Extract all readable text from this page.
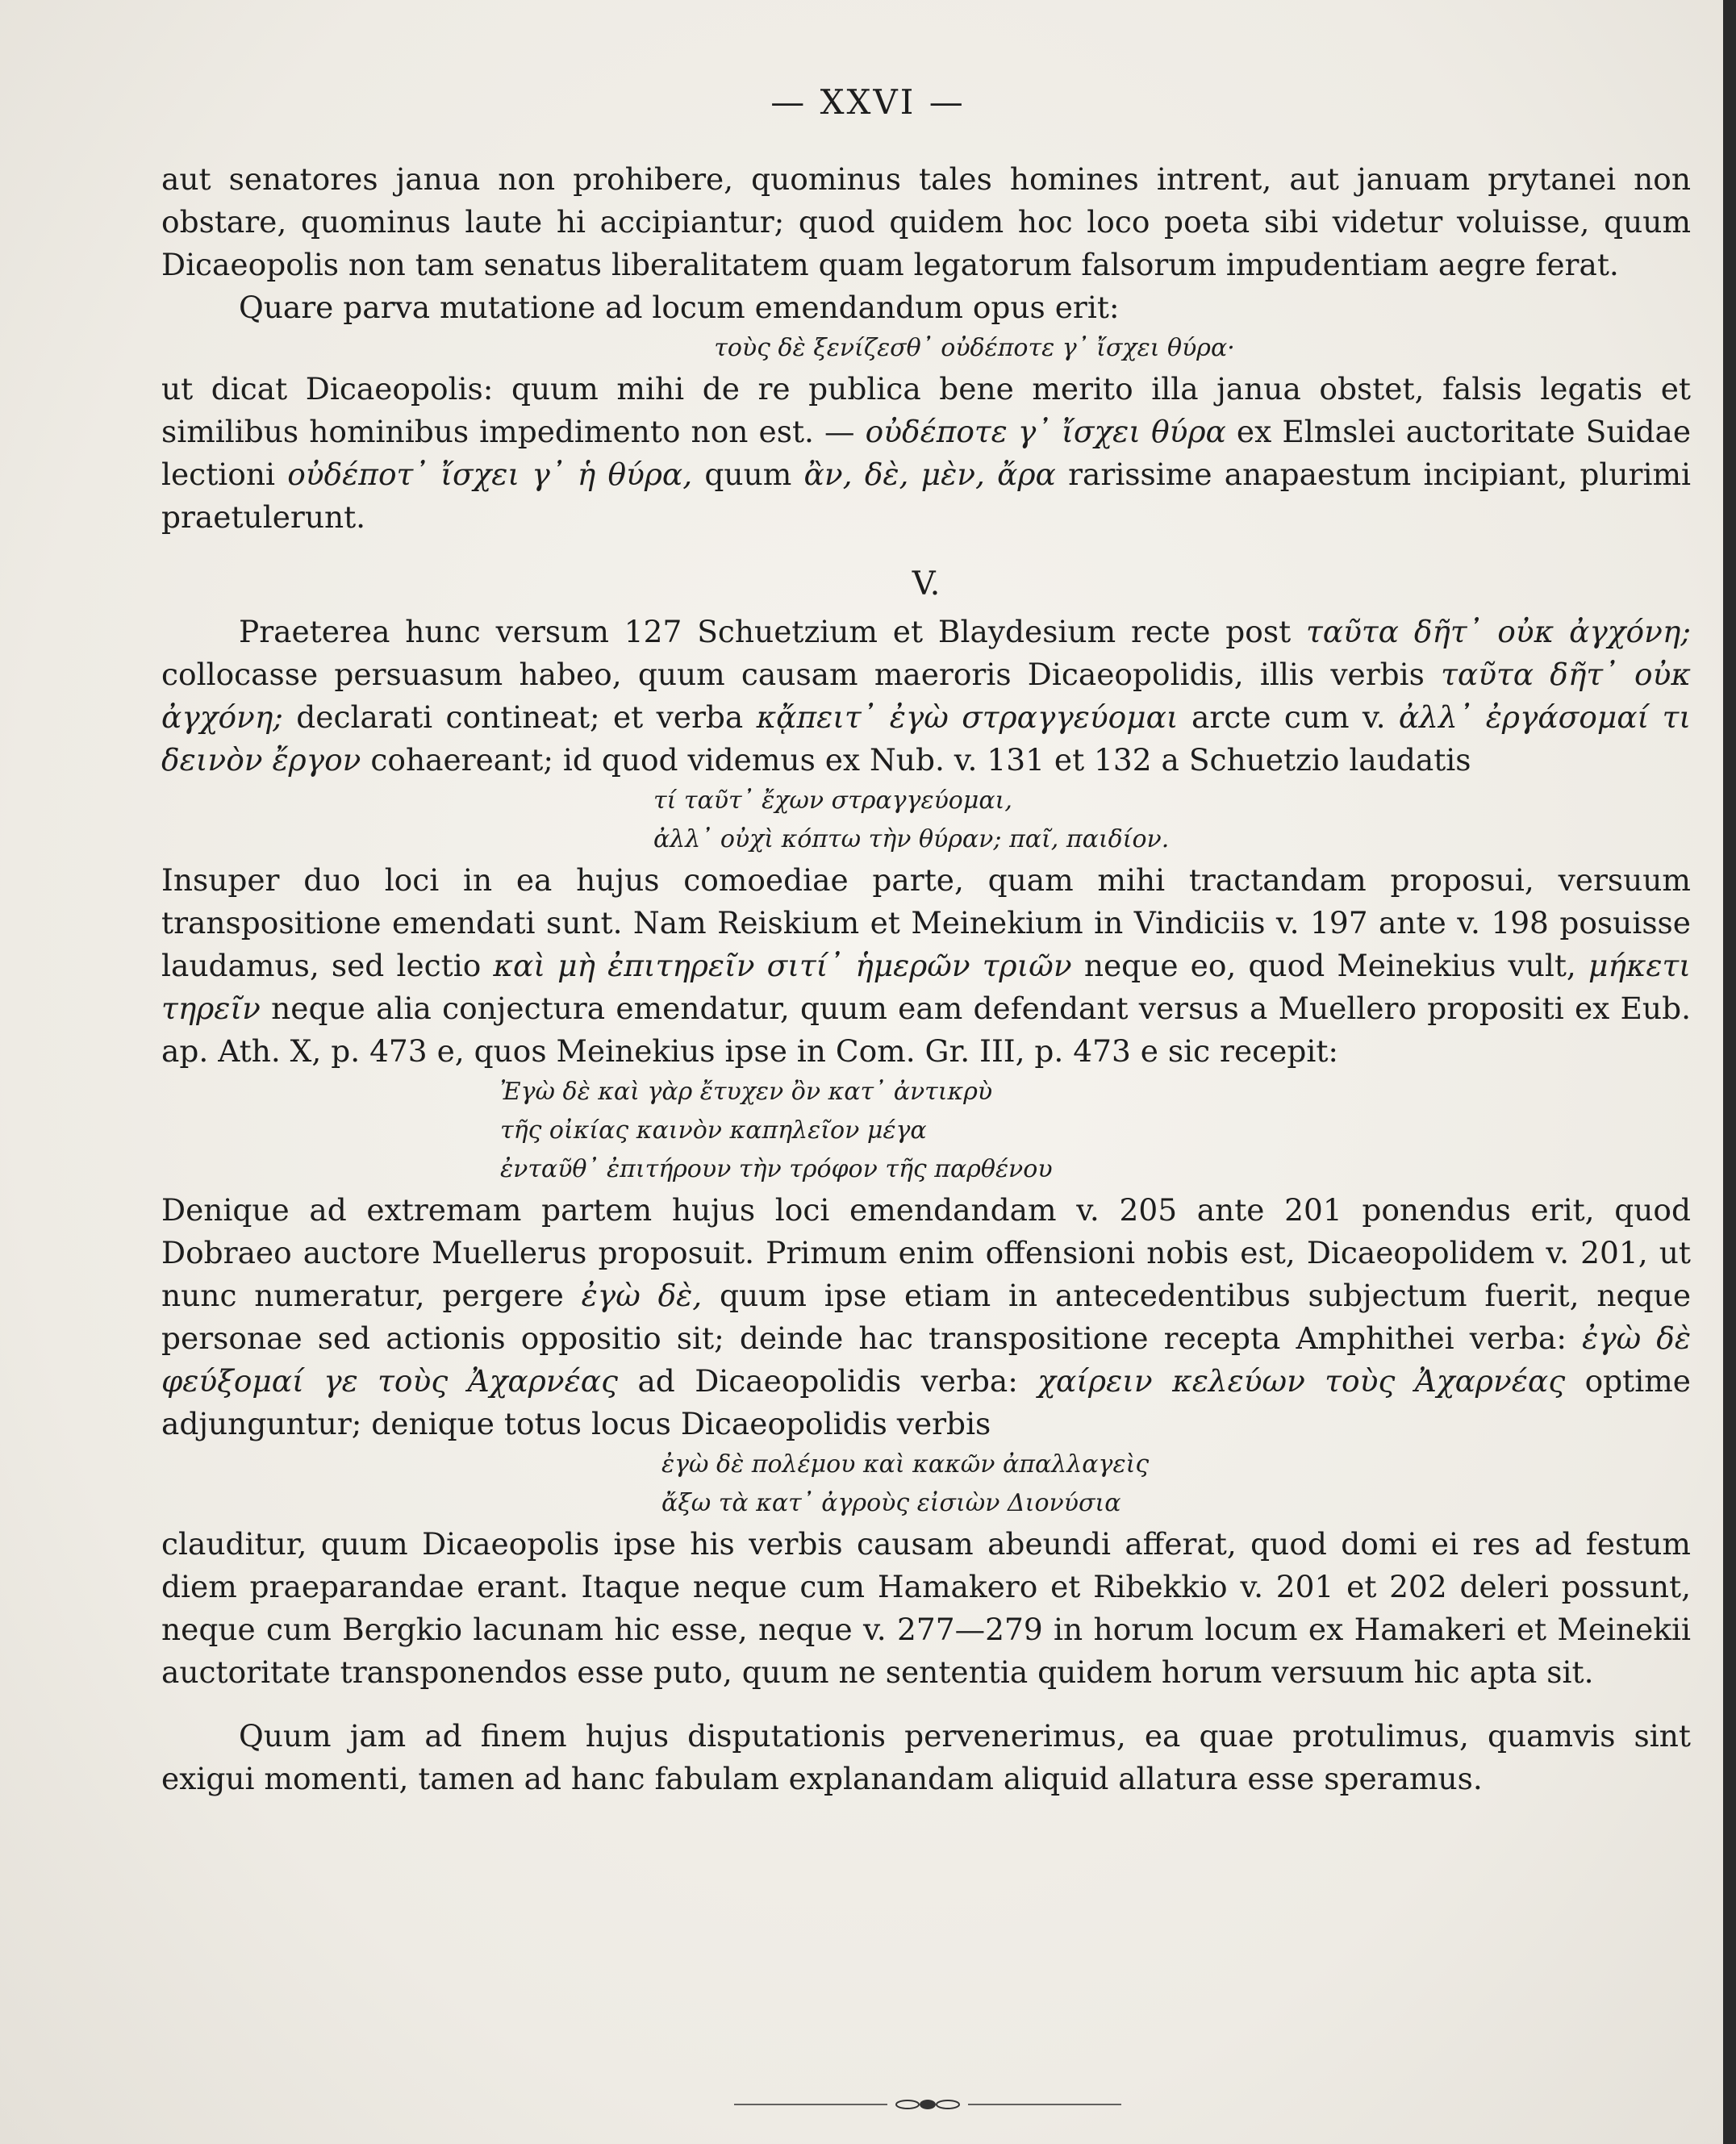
— XXVI —

aut senatores janua non prohibere, quominus tales homines intrent, aut januam prytanei non obstare, quominus laute hi accipiantur; quod quidem hoc loco poeta sibi videtur voluisse, quum Dicaeopolis non tam senatus liberalitatem quam legatorum falsorum impudentiam aegre ferat.

Quare parva mutatione ad locum emendandum opus erit:

τοὺς δὲ ξενίζεσθ᾽ οὐδέποτε γ᾽ ἴσχει θύρα·

ut dicat Dicaeopolis: quum mihi de re publica bene merito illa janua obstet, falsis legatis et similibus hominibus impedimento non est. — οὐδέποτε γ᾽ ἴσχει θύρα ex Elmslei auctoritate Suidae lectioni οὐδέποτ᾽ ἴσχει γ᾽ ἡ θύρα, quum ἂν, δὲ, μὲν, ἄρα rarissime anapaestum incipiant, plurimi praetulerunt.

V.

Praeterea hunc versum 127 Schuetzium et Blaydesium recte post ταῦτα δῆτ᾽ οὐκ ἀγχόνη; collocasse persuasum habeo, quum causam maeroris Dicaeopolidis, illis verbis ταῦτα δῆτ᾽ οὐκ ἀγχόνη; declarati contineat; et verba κᾄπειτ᾽ ἐγὼ στραγγεύομαι arcte cum v. ἀλλ᾽ ἐργάσομαί τι δεινὸν ἔργον cohaereant; id quod videmus ex Nub. v. 131 et 132 a Schuetzio laudatis

τί ταῦτ᾽ ἔχων στραγγεύομαι,

ἀλλ᾽ οὐχὶ κόπτω τὴν θύραν; παῖ, παιδίον.

Insuper duo loci in ea hujus comoediae parte, quam mihi tractandam proposui, versuum transpositione emendati sunt. Nam Reiskium et Meinekium in Vindiciis v. 197 ante v. 198 posuisse laudamus, sed lectio καὶ μὴ ἐπιτηρεῖν σιτί᾽ ἡμερῶν τριῶν neque eo, quod Meinekius vult, μήκετι τηρεῖν neque alia conjectura emendatur, quum eam defendant versus a Muellero propositi ex Eub. ap. Ath. X, p. 473 e, quos Meinekius ipse in Com. Gr. III, p. 473 e sic recepit:

Ἐγὼ δὲ καὶ γὰρ ἔτυχεν ὂν κατ᾽ ἀντικρὺ

τῆς οἰκίας καινὸν καπηλεῖον μέγα

ἐνταῦθ᾽ ἐπιτήρουν τὴν τρόφον τῆς παρθένου

Denique ad extremam partem hujus loci emendandam v. 205 ante 201 ponendus erit, quod Dobraeo auctore Muellerus proposuit. Primum enim offensioni nobis est, Dicaeopolidem v. 201, ut nunc numeratur, pergere ἐγὼ δὲ, quum ipse etiam in antecedentibus subjectum fuerit, neque personae sed actionis oppositio sit; deinde hac transpositione recepta Amphithei verba: ἐγὼ δὲ φεύξομαί γε τοὺς Ἀχαρνέας ad Dicaeopolidis verba: χαίρειν κελεύων τοὺς Ἀχαρνέας optime adjunguntur; denique totus locus Dicaeopolidis verbis

ἐγὼ δὲ πολέμου καὶ κακῶν ἀπαλλαγεὶς

ἄξω τὰ κατ᾽ ἀγροὺς εἰσιὼν Διονύσια

clauditur, quum Dicaeopolis ipse his verbis causam abeundi afferat, quod domi ei res ad festum diem praeparandae erant. Itaque neque cum Hamakero et Ribekkio v. 201 et 202 deleri possunt, neque cum Bergkio lacunam hic esse, neque v. 277—279 in horum locum ex Hamakeri et Meinekii auctoritate transponendos esse puto, quum ne sententia quidem horum versuum hic apta sit.

Quum jam ad finem hujus disputationis pervenerimus, ea quae protulimus, quamvis sint exigui momenti, tamen ad hanc fabulam explanandam aliquid allatura esse speramus.
